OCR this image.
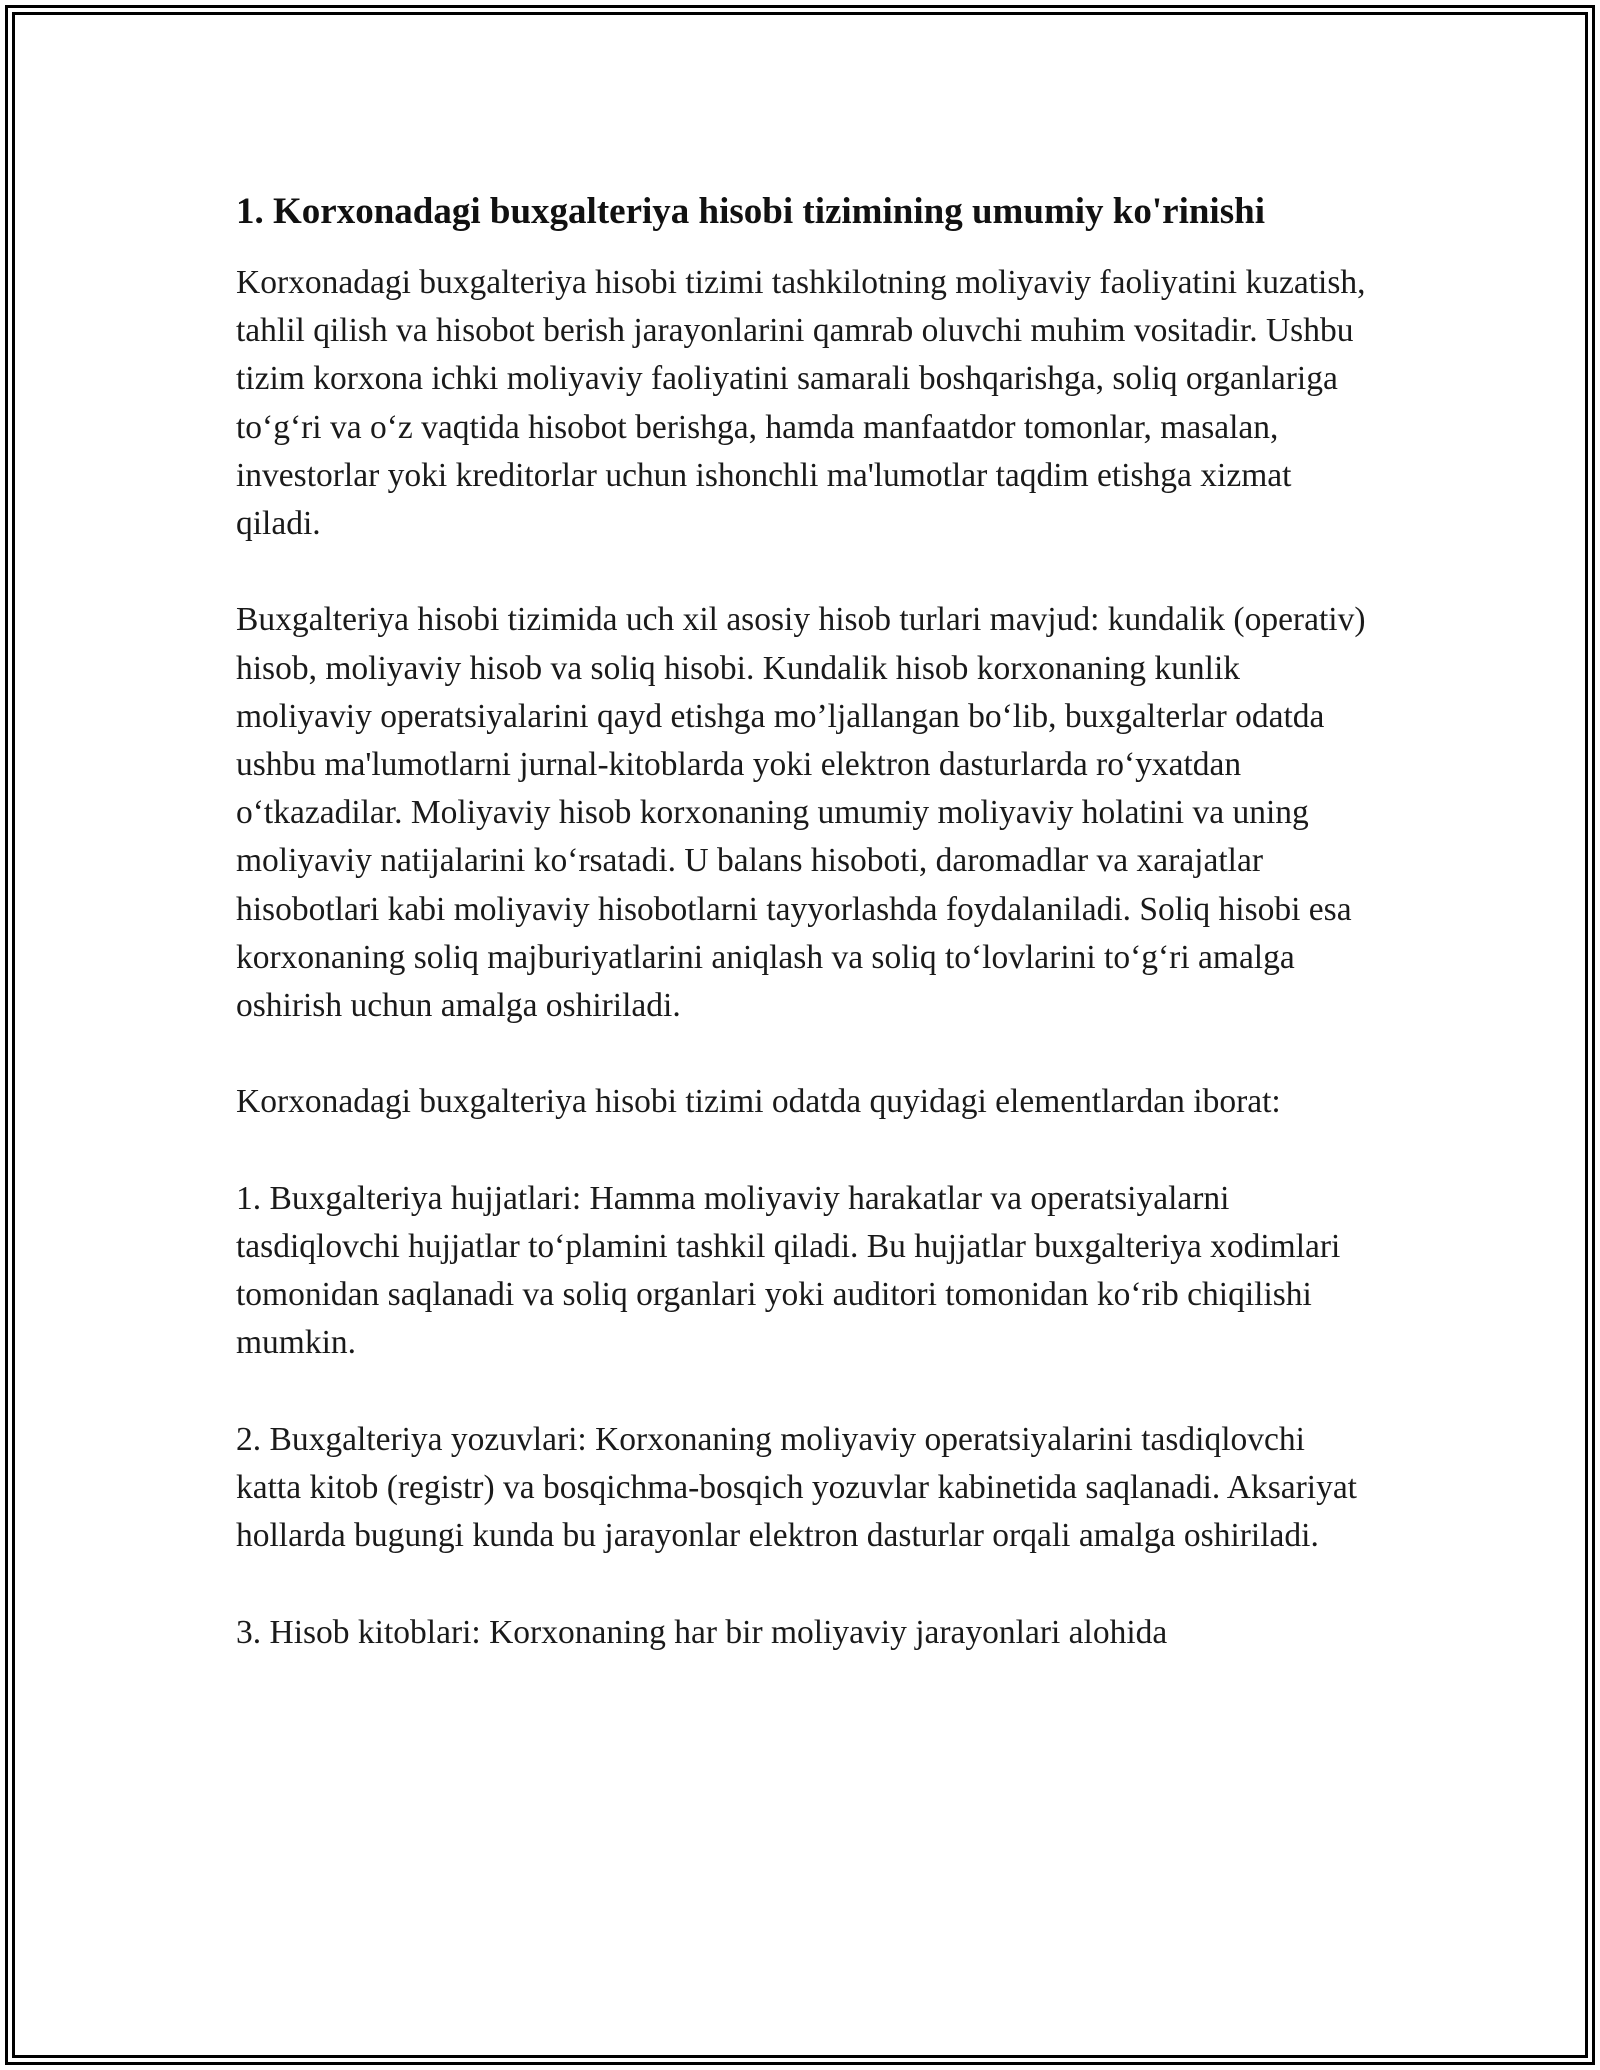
1. Korxonadagi buxgalteriya hisobi tizimining umumiy ko'rinishi

Korxonadagi buxgalteriya hisobi tizimi tashkilotning moliyaviy faoliyatini kuzatish, tahlil qilish va hisobot berish jarayonlarini qamrab oluvchi muhim vositadir. Ushbu tizim korxona ichki moliyaviy faoliyatini samarali boshqarishga, soliq organlariga to‘g‘ri va o‘z vaqtida hisobot berishga, hamda manfaatdor tomonlar, masalan, investorlar yoki kreditorlar uchun ishonchli ma'lumotlar taqdim etishga xizmat qiladi.

Buxgalteriya hisobi tizimida uch xil asosiy hisob turlari mavjud: kundalik (operativ) hisob, moliyaviy hisob va soliq hisobi. Kundalik hisob korxonaning kunlik moliyaviy operatsiyalarini qayd etishga mo’ljallangan bo‘lib, buxgalterlar odatda ushbu ma'lumotlarni jurnal-kitoblarda yoki elektron dasturlarda ro‘yxatdan o‘tkazadilar. Moliyaviy hisob korxonaning umumiy moliyaviy holatini va uning moliyaviy natijalarini ko‘rsatadi. U balans hisoboti, daromadlar va xarajatlar hisobotlari kabi moliyaviy hisobotlarni tayyorlashda foydalaniladi. Soliq hisobi esa korxonaning soliq majburiyatlarini aniqlash va soliq to‘lovlarini to‘g‘ri amalga oshirish uchun amalga oshiriladi.

Korxonadagi buxgalteriya hisobi tizimi odatda quyidagi elementlardan iborat:

1. Buxgalteriya hujjatlari: Hamma moliyaviy harakatlar va operatsiyalarni tasdiqlovchi hujjatlar to‘plamini tashkil qiladi. Bu hujjatlar buxgalteriya xodimlari tomonidan saqlanadi va soliq organlari yoki auditori tomonidan ko‘rib chiqilishi mumkin.

2. Buxgalteriya yozuvlari: Korxonaning moliyaviy operatsiyalarini tasdiqlovchi katta kitob (registr) va bosqichma-bosqich yozuvlar kabinetida saqlanadi. Aksariyat hollarda bugungi kunda bu jarayonlar elektron dasturlar orqali amalga oshiriladi.

3. Hisob kitoblari: Korxonaning har bir moliyaviy jarayonlari alohida
